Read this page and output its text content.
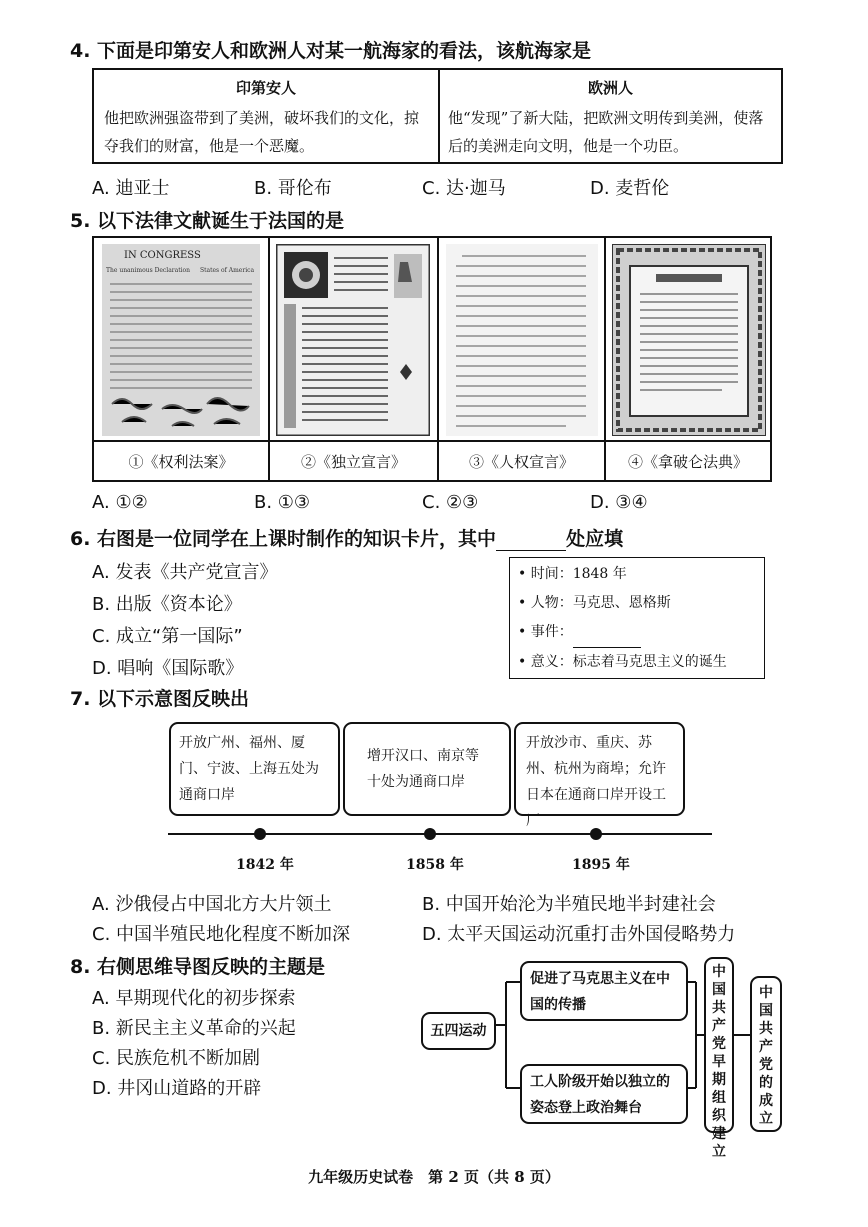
4. 下面是印第安人和欧洲人对某一航海家的看法，该航海家是
印第安人	欧洲人
他把欧洲强盗带到了美洲，破坏我们的文化，掠夺我们的财富，他是一个恶魔。
他“发现”了新大陆，把欧洲文明传到美洲，使落后的美洲走向文明，他是一个功臣。
A. 迪亚士	B. 哥伦布	C. 达·迦马	D. 麦哲伦
5. 以下法律文献诞生于法国的是
IN CONGRESS
The unanimous Declaration States of America
①《权利法案》	②《独立宣言》	③《人权宣言》	④《拿破仑法典》
A. ①②	B. ①③	C. ②③	D. ③④
6. 右图是一位同学在上课时制作的知识卡片，其中	处应填
A. 发表《共产党宣言》
B. 出版《资本论》
C. 成立“第一国际”
D. 唱响《国际歌》
• 时间：1848 年
• 人物：马克思、恩格斯
• 事件：
• 意义：标志着马克思主义的诞生
7. 以下示意图反映出
开放广州、福州、厦门、宁波、上海五处为通商口岸
增开汉口、南京等十处为通商口岸
开放沙市、重庆、苏州、杭州为商埠；允许日本在通商口岸开设工厂
1842 年	1858 年	1895 年
A. 沙俄侵占中国北方大片领土	B. 中国开始沦为半殖民地半封建社会
C. 中国半殖民地化程度不断加深	D. 太平天国运动沉重打击外国侵略势力
8. 右侧思维导图反映的主题是
A. 早期现代化的初步探索
B. 新民主主义革命的兴起
C. 民族危机不断加剧
D. 井冈山道路的开辟
五四运动
促进了马克思主义在中国的传播
工人阶级开始以独立的姿态登上政治舞台
中国共产党早期组织建立
中国共产党的成立
九年级历史试卷　第 2 页（共 8 页）
